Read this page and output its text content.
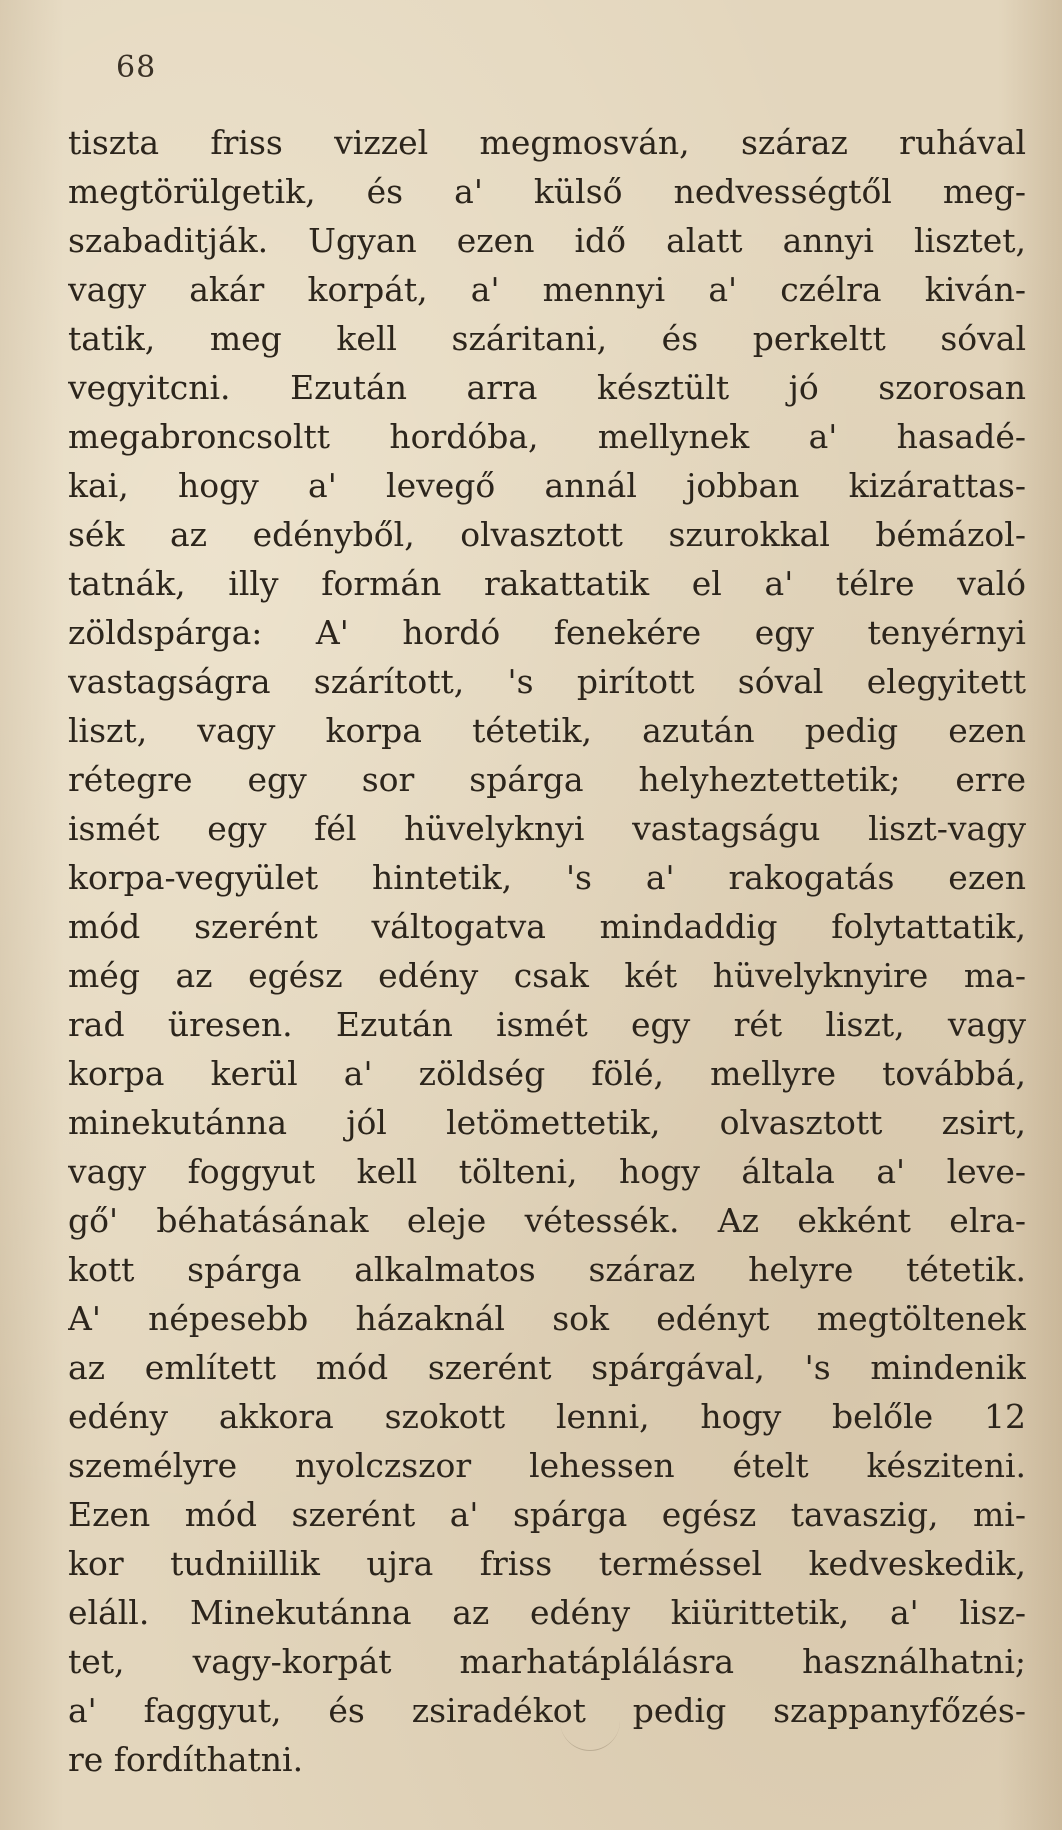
68
tiszta friss vizzel megmosván, száraz ruhával
megtörülgetik, és a' külső nedvességtől meg-
szabaditják. Ugyan ezen idő alatt annyi lisztet,
vagy akár korpát, a' mennyi a' czélra kiván-
tatik, meg kell száritani, és perkeltt sóval
vegyitcni. Ezután arra késztült jó szorosan
megabroncsoltt hordóba, mellynek a' hasadé-
kai, hogy a' levegő annál jobban kizárattas-
sék az edényből, olvasztott szurokkal bémázol-
tatnák, illy formán rakattatik el a' télre való
zöldspárga: A' hordó fenekére egy tenyérnyi
vastagságra szárított, 's pirított sóval elegyitett
liszt, vagy korpa tétetik, azután pedig ezen
rétegre egy sor spárga helyheztettetik; erre
ismét egy fél hüvelyknyi vastagságu liszt-vagy
korpa-vegyület hintetik, 's a' rakogatás ezen
mód szerént váltogatva mindaddig folytattatik,
még az egész edény csak két hüvelyknyire ma-
rad üresen. Ezután ismét egy rét liszt, vagy
korpa kerül a' zöldség fölé, mellyre továbbá,
minekutánna jól letömettetik, olvasztott zsirt,
vagy foggyut kell tölteni, hogy általa a' leve-
gő' béhatásának eleje vétessék. Az ekként elra-
kott spárga alkalmatos száraz helyre tétetik.
A' népesebb házaknál sok edényt megtöltenek
az említett mód szerént spárgával, 's mindenik
edény akkora szokott lenni, hogy belőle 12
személyre nyolczszor lehessen ételt késziteni.
Ezen mód szerént a' spárga egész tavaszig, mi-
kor tudniillik ujra friss terméssel kedveskedik,
eláll. Minekutánna az edény kiürittetik, a' lisz-
tet, vagy-korpát marhatáplálásra használhatni;
a' faggyut, és zsiradékot pedig szappanyfőzés-
re fordíthatni.
